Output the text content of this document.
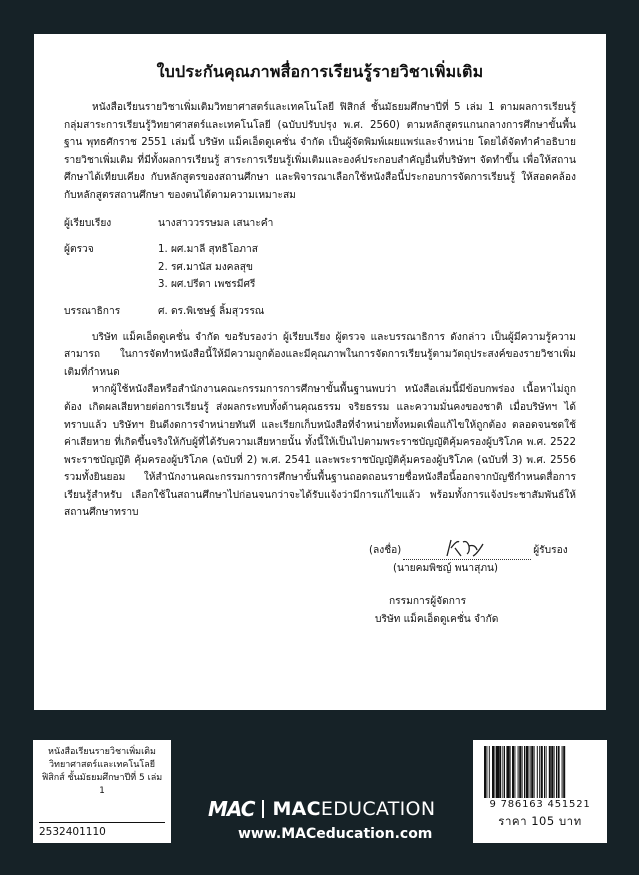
ใบประกันคุณภาพสื่อการเรียนรู้รายวิชาเพิ่มเติม

หนังสือเรียนรายวิชาเพิ่มเติมวิทยาศาสตร์และเทคโนโลยี ฟิสิกส์ ชั้นมัธยมศึกษาปีที่ 5 เล่ม 1 ตามผลการเรียนรู้ กลุ่มสาระการเรียนรู้วิทยาศาสตร์และเทคโนโลยี (ฉบับปรับปรุง พ.ศ. 2560) ตามหลักสูตรแกนกลางการศึกษาขั้นพื้นฐาน พุทธศักราช 2551 เล่มนี้ บริษัท แม็คเอ็ดดูเคชั่น จำกัด เป็นผู้จัดพิมพ์เผยแพร่และจำหน่าย โดยได้จัดทำคำอธิบายรายวิชาเพิ่มเติม ที่มีทั้งผลการเรียนรู้ สาระการเรียนรู้เพิ่มเติมและองค์ประกอบสำคัญอื่นที่บริษัทฯ จัดทำขึ้น เพื่อให้สถานศึกษาได้เทียบเคียง กับหลักสูตรของสถานศึกษา และพิจารณาเลือกใช้หนังสือนี้ประกอบการจัดการเรียนรู้ ให้สอดคล้องกับหลักสูตรสถานศึกษา ของตนได้ตามความเหมาะสม

ผู้เรียบเรียง	นางสาววรรษมล เสนาะคำ
ผู้ตรวจ	1. ผศ.มาลี สุทธิโอภาส
2. รศ.มานัส มงคลสุข
3. ผศ.ปรีดา เพชรมีศรี
บรรณาธิการ	ศ. ดร.พิเชษฐ์ ลิ้มสุวรรณ

บริษัท แม็คเอ็ดดูเคชั่น จำกัด ขอรับรองว่า ผู้เรียบเรียง ผู้ตรวจ และบรรณาธิการ ดังกล่าว เป็นผู้มีความรู้ความสามารถ ในการจัดทำหนังสือนี้ให้มีความถูกต้องและมีคุณภาพในการจัดการเรียนรู้ตามวัตถุประสงค์ของรายวิชาเพิ่มเติมที่กำหนด

หากผู้ใช้หนังสือหรือสำนักงานคณะกรรมการการศึกษาขั้นพื้นฐานพบว่า หนังสือเล่มนี้มีข้อบกพร่อง เนื้อหาไม่ถูกต้อง เกิดผลเสียหายต่อการเรียนรู้ ส่งผลกระทบทั้งด้านคุณธรรม จริยธรรม และความมั่นคงของชาติ เมื่อบริษัทฯ ได้ทราบแล้ว บริษัทฯ ยินดีงดการจำหน่ายทันที และเรียกเก็บหนังสือที่จำหน่ายทั้งหมดเพื่อแก้ไขให้ถูกต้อง ตลอดจนชดใช้ค่าเสียหาย ที่เกิดขึ้นจริงให้กับผู้ที่ได้รับความเสียหายนั้น ทั้งนี้ให้เป็นไปตามพระราชบัญญัติคุ้มครองผู้บริโภค พ.ศ. 2522 พระราชบัญญัติ คุ้มครองผู้บริโภค (ฉบับที่ 2) พ.ศ. 2541 และพระราชบัญญัติคุ้มครองผู้บริโภค (ฉบับที่ 3) พ.ศ. 2556 รวมทั้งยินยอม ให้สำนักงานคณะกรรมการการศึกษาขั้นพื้นฐานถอดถอนรายชื่อหนังสือนี้ออกจากบัญชีกำหนดสื่อการเรียนรู้สำหรับ เลือกใช้ในสถานศึกษาไปก่อนจนกว่าจะได้รับแจ้งว่ามีการแก้ไขแล้ว พร้อมทั้งการแจ้งประชาสัมพันธ์ให้สถานศึกษาทราบ

(ลงชื่อ)	ผู้รับรอง
(นายคมพิชญ์ พนาสุภน)
กรรมการผู้จัดการ
บริษัท แม็คเอ็ดดูเคชั่น จำกัด
หนังสือเรียนรายวิชาเพิ่มเติม
วิทยาศาสตร์และเทคโนโลยี
ฟิสิกส์ ชั้นมัธยมศึกษาปีที่ 5 เล่ม 1
2532401110
MAC MACEDUCATION
www.MACeducation.com
9 786163 451521
ราคา 105 บาท
